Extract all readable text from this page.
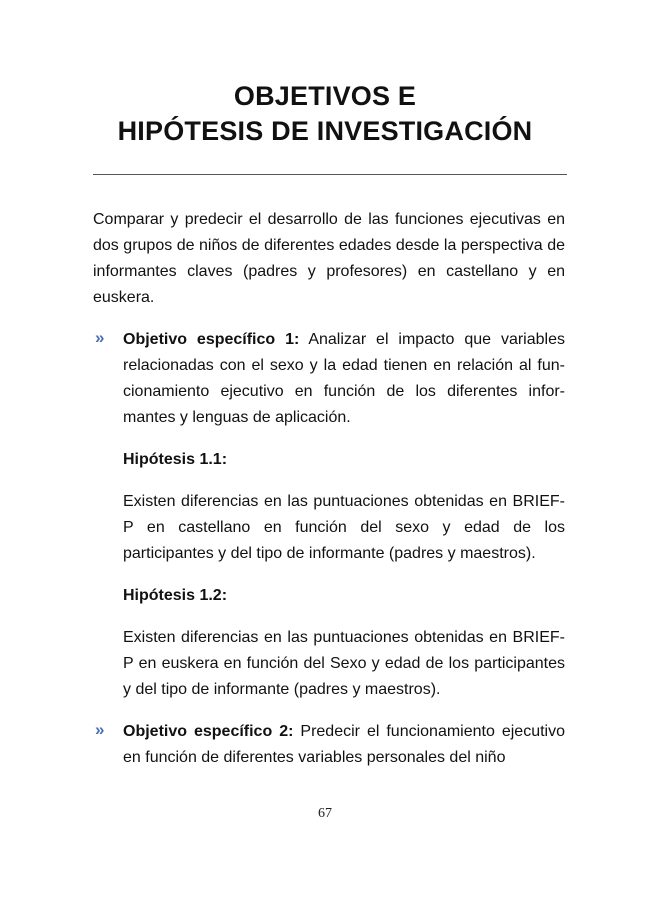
OBJETIVOS E
HIPÓTESIS DE INVESTIGACIÓN

Comparar y predecir el desarrollo de las funciones ejecutivas en dos grupos de niños de diferentes edades desde la perspectiva de informantes claves (padres y profesores) en castellano y en euskera.

» Objetivo específico 1: Analizar el impacto que variables relacionadas con el sexo y la edad tienen en relación al funcionamiento ejecutivo en función de los diferentes informantes y lenguas de aplicación.

Hipótesis 1.1:

Existen diferencias en las puntuaciones obtenidas en BRIEF-P en castellano en función del sexo y edad de los participantes y del tipo de informante (padres y maestros).

Hipótesis 1.2:

Existen diferencias en las puntuaciones obtenidas en BRIEF-P en euskera en función del Sexo y edad de los participantes y del tipo de informante (padres y maestros).

» Objetivo específico 2: Predecir el funcionamiento ejecutivo en función de diferentes variables personales del niño

67
